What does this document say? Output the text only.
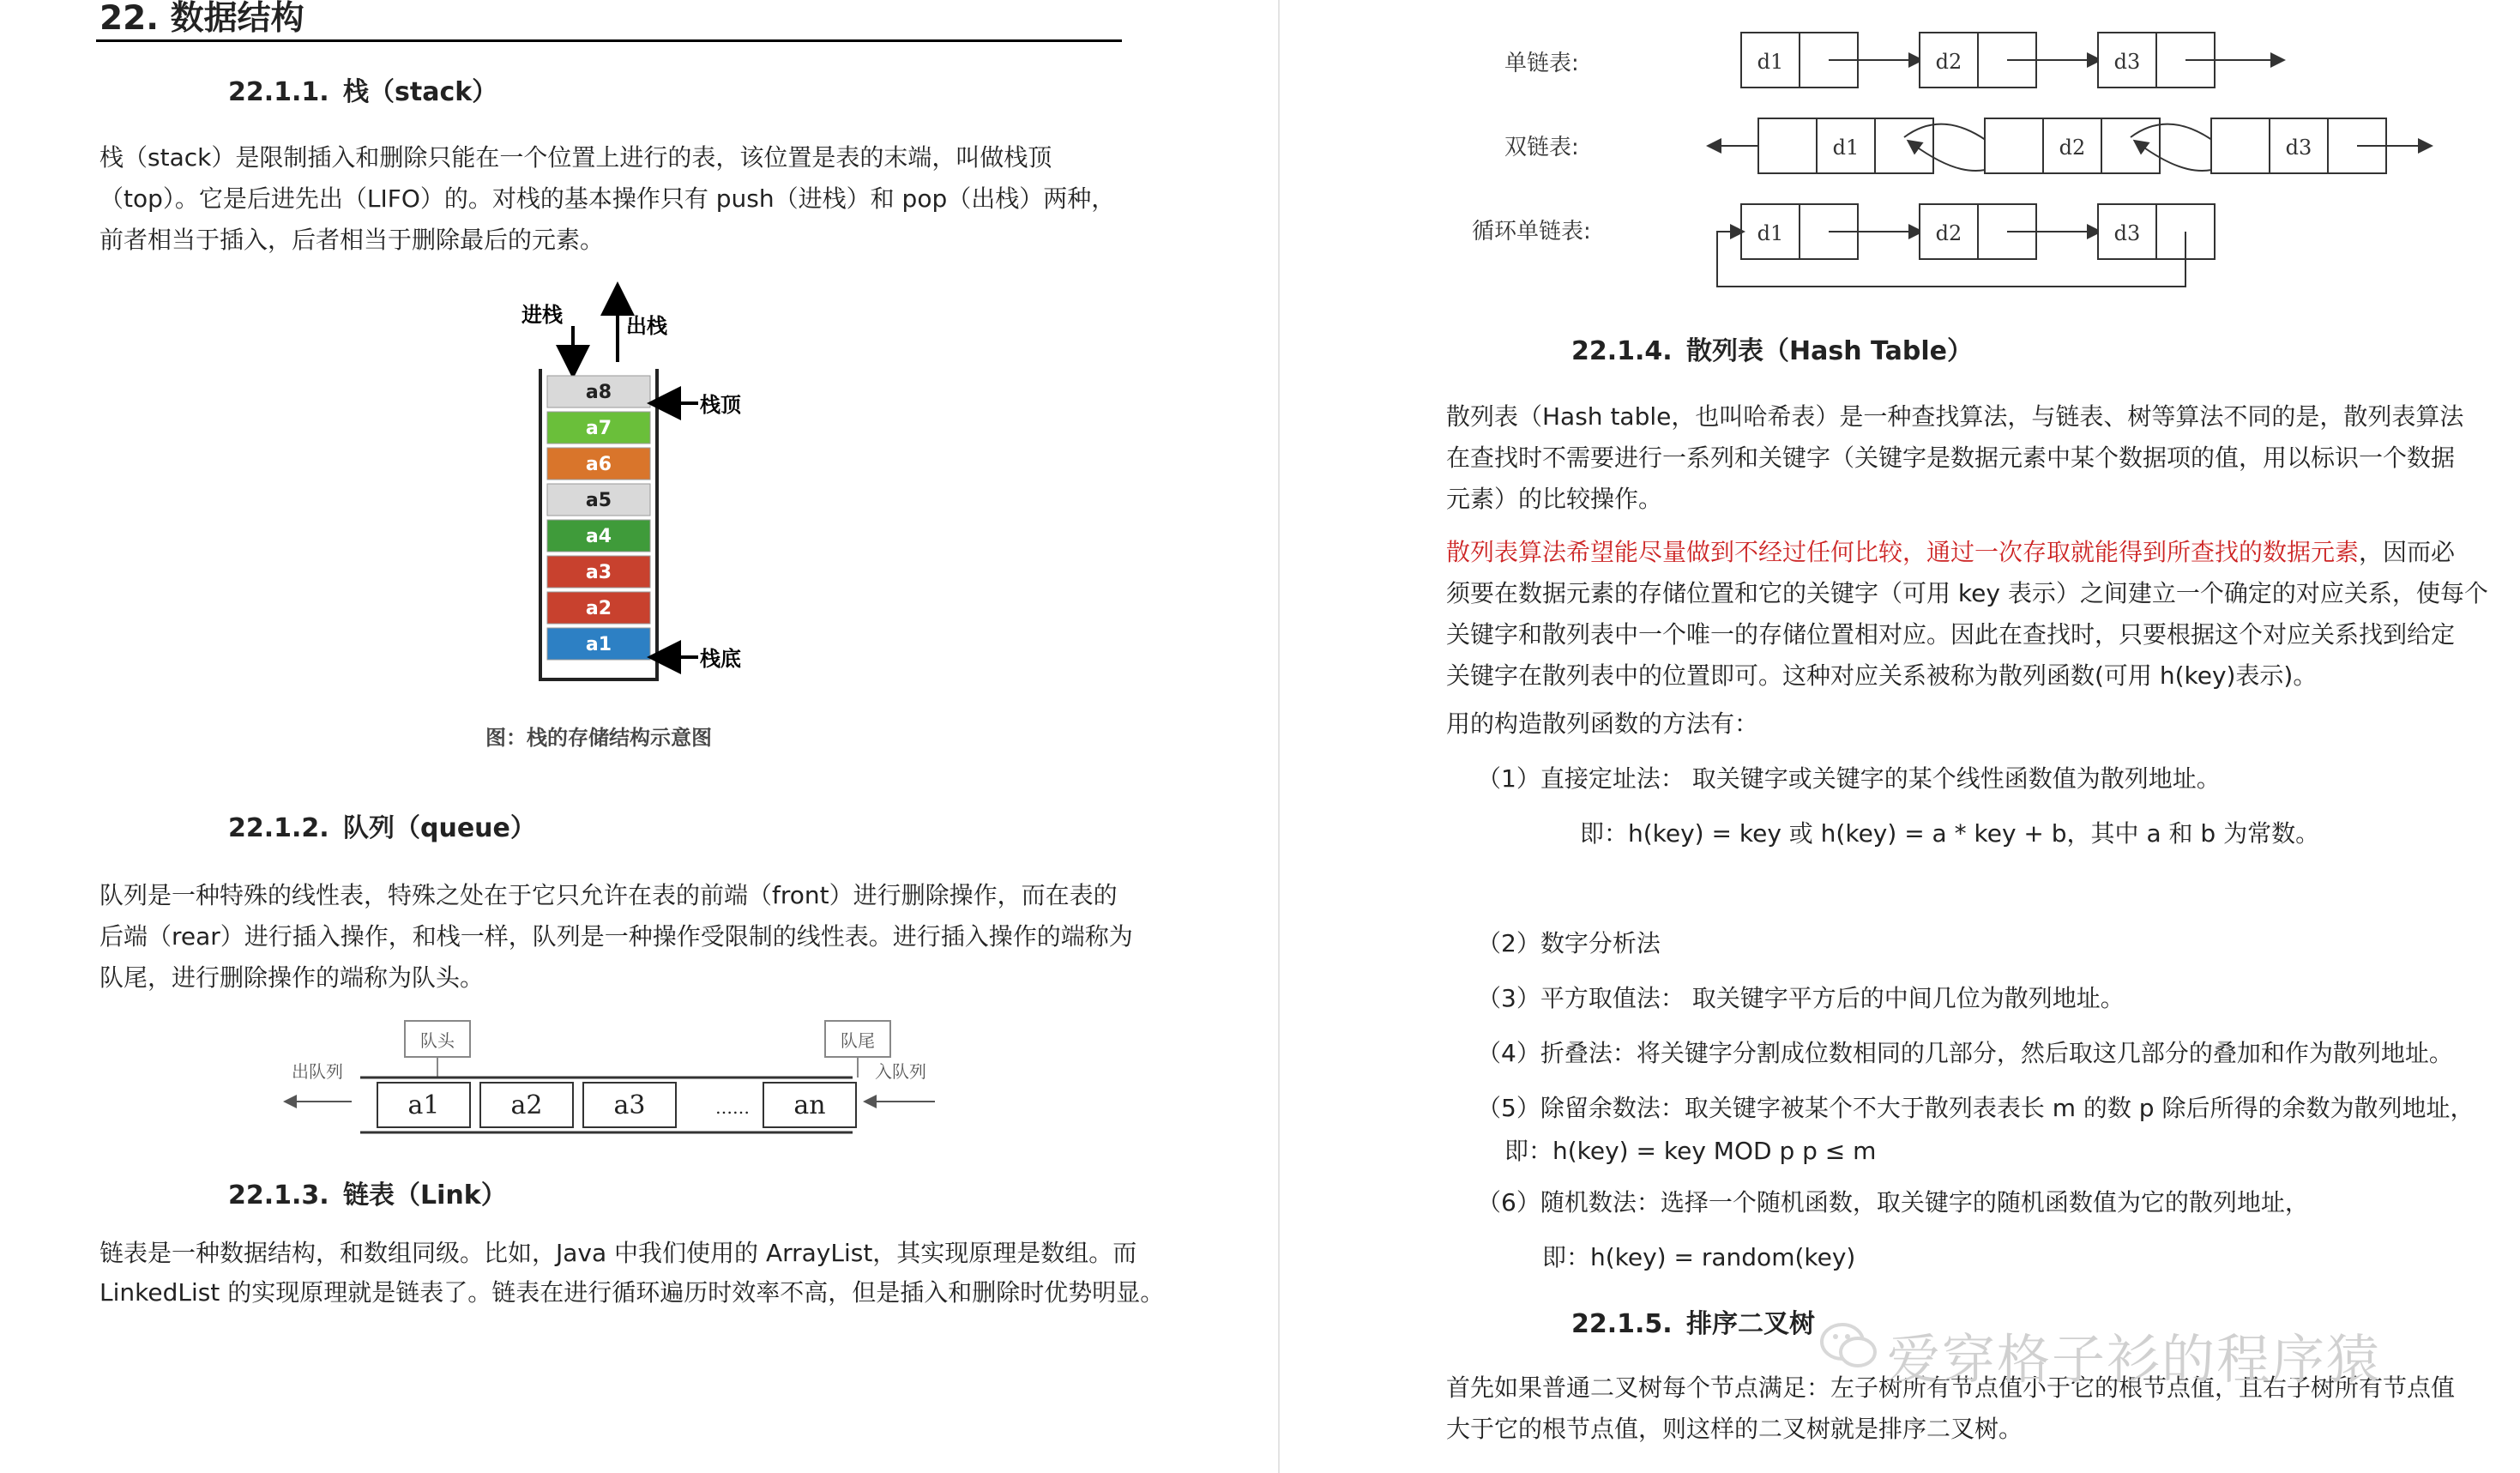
22. 数据结构
22.1.1. 栈（stack）
栈（stack）是限制插入和删除只能在一个位置上进行的表，该位置是表的末端，叫做栈顶
（top）。它是后进先出（LIFO）的。对栈的基本操作只有 push（进栈）和 pop（出栈）两种，
前者相当于插入，后者相当于删除最后的元素。
进栈	出栈
a8
a7
a6
a5
a4
a3
a2
a1
栈顶
栈底
图：栈的存储结构示意图
22.1.2. 队列（queue）
队列是一种特殊的线性表，特殊之处在于它只允许在表的前端（front）进行删除操作，而在表的
后端（rear）进行插入操作，和栈一样，队列是一种操作受限制的线性表。进行插入操作的端称为
队尾，进行删除操作的端称为队头。
队头	队尾
a1	a2	a3	…… an
出队列	入队列
22.1.3. 链表（Link）
链表是一种数据结构，和数组同级。比如，Java 中我们使用的 ArrayList，其实现原理是数组。而
LinkedList 的实现原理就是链表了。链表在进行循环遍历时效率不高，但是插入和删除时优势明显。
单链表:
双链表:
循环单链表:
d1	d2	d3
d1	d2	d3
d1	d2	d3
22.1.4. 散列表（Hash Table）
散列表（Hash table，也叫哈希表）是一种查找算法，与链表、树等算法不同的是，散列表算法
在查找时不需要进行一系列和关键字（关键字是数据元素中某个数据项的值，用以标识一个数据
元素）的比较操作。
散列表算法希望能尽量做到不经过任何比较，通过一次存取就能得到所查找的数据元素，因而必
须要在数据元素的存储位置和它的关键字（可用 key 表示）之间建立一个确定的对应关系，使每个
关键字和散列表中一个唯一的存储位置相对应。因此在查找时，只要根据这个对应关系找到给定
关键字在散列表中的位置即可。这种对应关系被称为散列函数(可用 h(key)表示)。
用的构造散列函数的方法有：
（1）直接定址法： 取关键字或关键字的某个线性函数值为散列地址。
即：h(key) = key 或 h(key) = a * key + b，其中 a 和 b 为常数。
（2）数字分析法
（3）平方取值法： 取关键字平方后的中间几位为散列地址。
（4）折叠法：将关键字分割成位数相同的几部分，然后取这几部分的叠加和作为散列地址。
（5）除留余数法：取关键字被某个不大于散列表表长 m 的数 p 除后所得的余数为散列地址，
即：h(key) = key MOD p p ≤ m
（6）随机数法：选择一个随机函数，取关键字的随机函数值为它的散列地址，
即：h(key) = random(key)
22.1.5. 排序二叉树
首先如果普通二叉树每个节点满足：左子树所有节点值小于它的根节点值，且右子树所有节点值
大于它的根节点值，则这样的二叉树就是排序二叉树。
爱穿格子衫的程序猿
